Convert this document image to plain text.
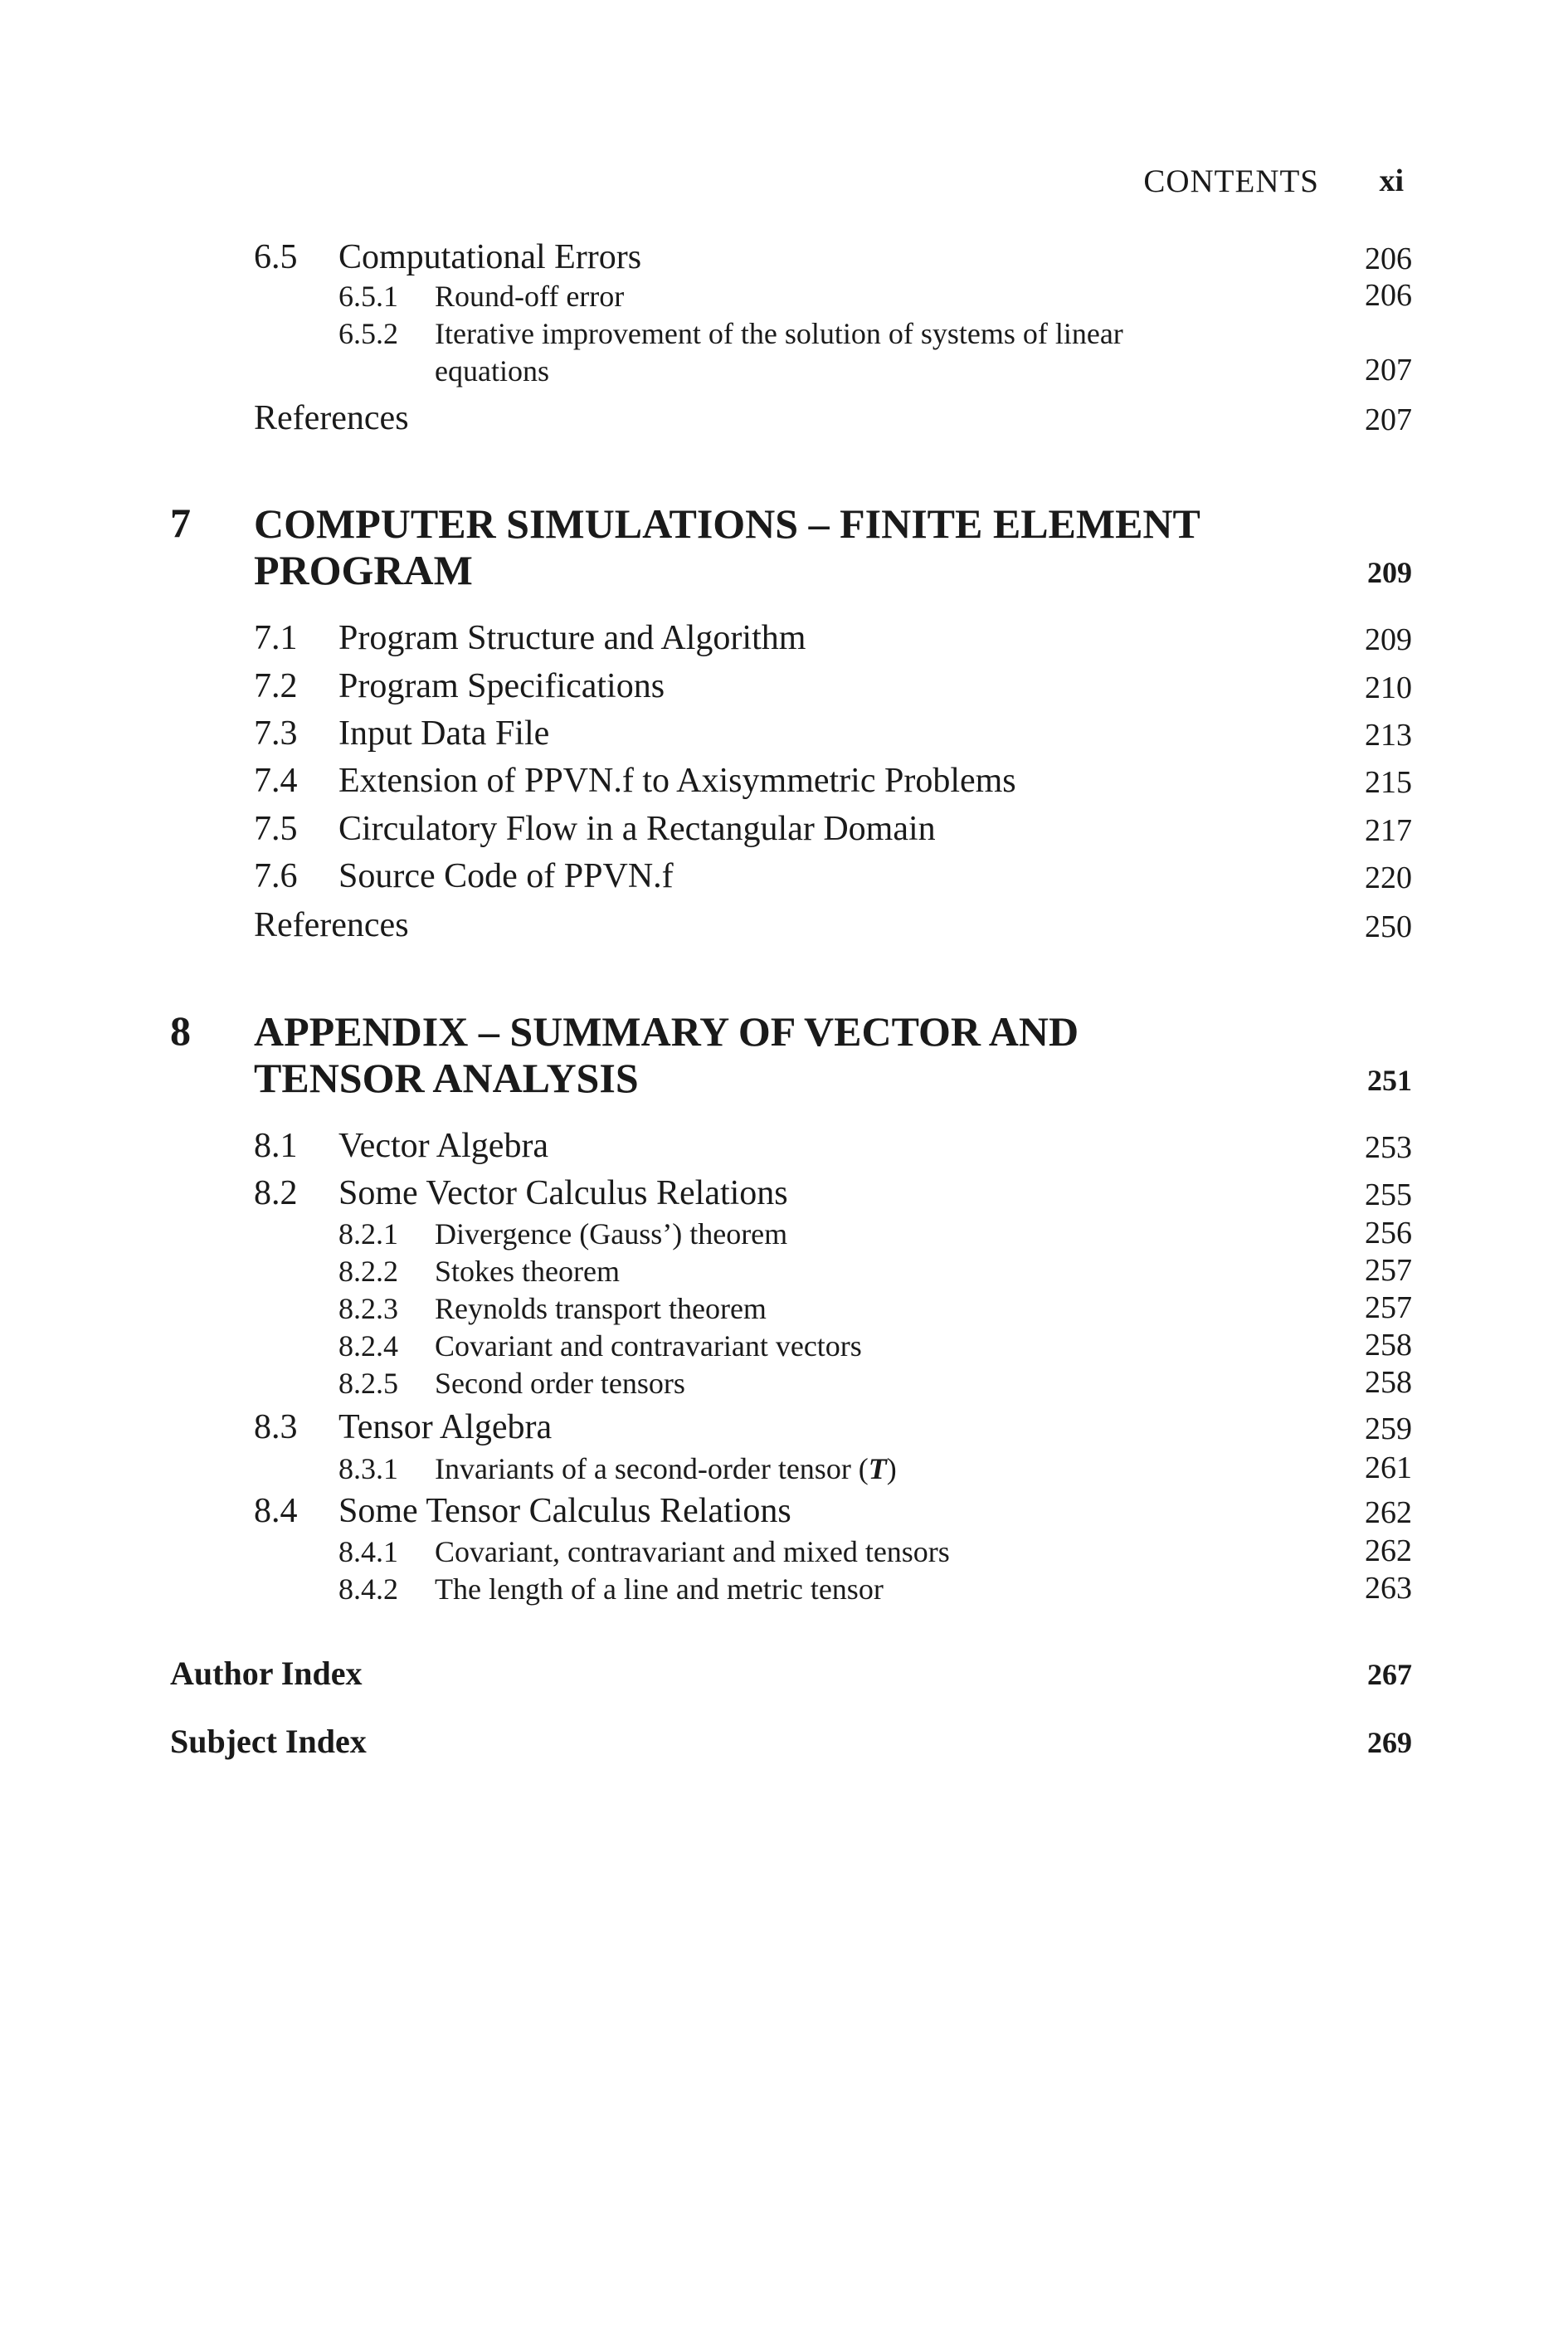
CONTENTS xi
6.5 Computational Errors	206
6.5.1 Round-off error	206
6.5.2 Iterative improvement of the solution of systems of linear
equations	207
References	207
7 COMPUTER SIMULATIONS – FINITE ELEMENT
PROGRAM	209
7.1 Program Structure and Algorithm	209
7.2 Program Specifications	210
7.3 Input Data File	213
7.4 Extension of PPVN.f to Axisymmetric Problems	215
7.5 Circulatory Flow in a Rectangular Domain	217
7.6 Source Code of PPVN.f	220
References	250
8 APPENDIX – SUMMARY OF VECTOR AND
TENSOR ANALYSIS	251
8.1 Vector Algebra	253
8.2 Some Vector Calculus Relations	255
8.2.1 Divergence (Gauss’) theorem	256
8.2.2 Stokes theorem	257
8.2.3 Reynolds transport theorem	257
8.2.4 Covariant and contravariant vectors	258
8.2.5 Second order tensors	258
8.3 Tensor Algebra	259
8.3.1 Invariants of a second-order tensor (T)	261
8.4 Some Tensor Calculus Relations	262
8.4.1 Covariant, contravariant and mixed tensors	262
8.4.2 The length of a line and metric tensor	263
Author Index	267
Subject Index	269
